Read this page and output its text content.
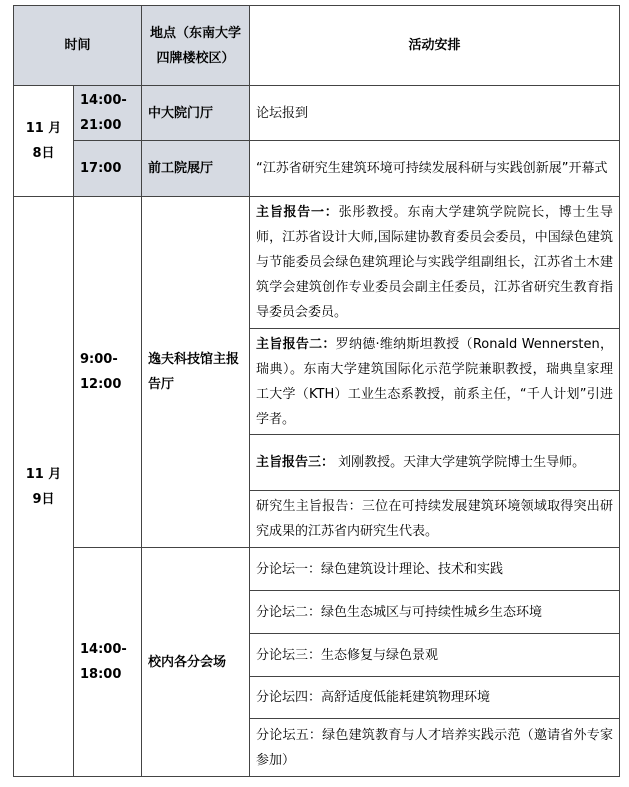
时间		地点（东南大学四牌楼校区）	活动安排
11 月 8日	14:00-21:00	中大院门厅	论坛报到
	17:00	前工院展厅	“江苏省研究生建筑环境可持续发展科研与实践创新展”开幕式
11 月 9日	9:00-12:00	逸夫科技馆主报告厅	主旨报告一：张彤教授。东南大学建筑学院院长，博士生导师，江苏省设计大师,国际建协教育委员会委员，中国绿色建筑与节能委员会绿色建筑理论与实践学组副组长，江苏省土木建筑学会建筑创作专业委员会副主任委员，江苏省研究生教育指导委员会委员。
			主旨报告二：罗纳德·维纳斯坦教授（Ronald Wennersten，瑞典）。东南大学建筑国际化示范学院兼职教授，瑞典皇家理工大学（KTH）工业生态系教授，前系主任，“千人计划”引进学者。
			主旨报告三： 刘刚教授。天津大学建筑学院博士生导师。
			研究生主旨报告：三位在可持续发展建筑环境领域取得突出研究成果的江苏省内研究生代表。
	14:00-18:00	校内各分会场	分论坛一：绿色建筑设计理论、技术和实践
			分论坛二：绿色生态城区与可持续性城乡生态环境
			分论坛三：生态修复与绿色景观
			分论坛四：高舒适度低能耗建筑物理环境
			分论坛五：绿色建筑教育与人才培养实践示范（邀请省外专家参加）
